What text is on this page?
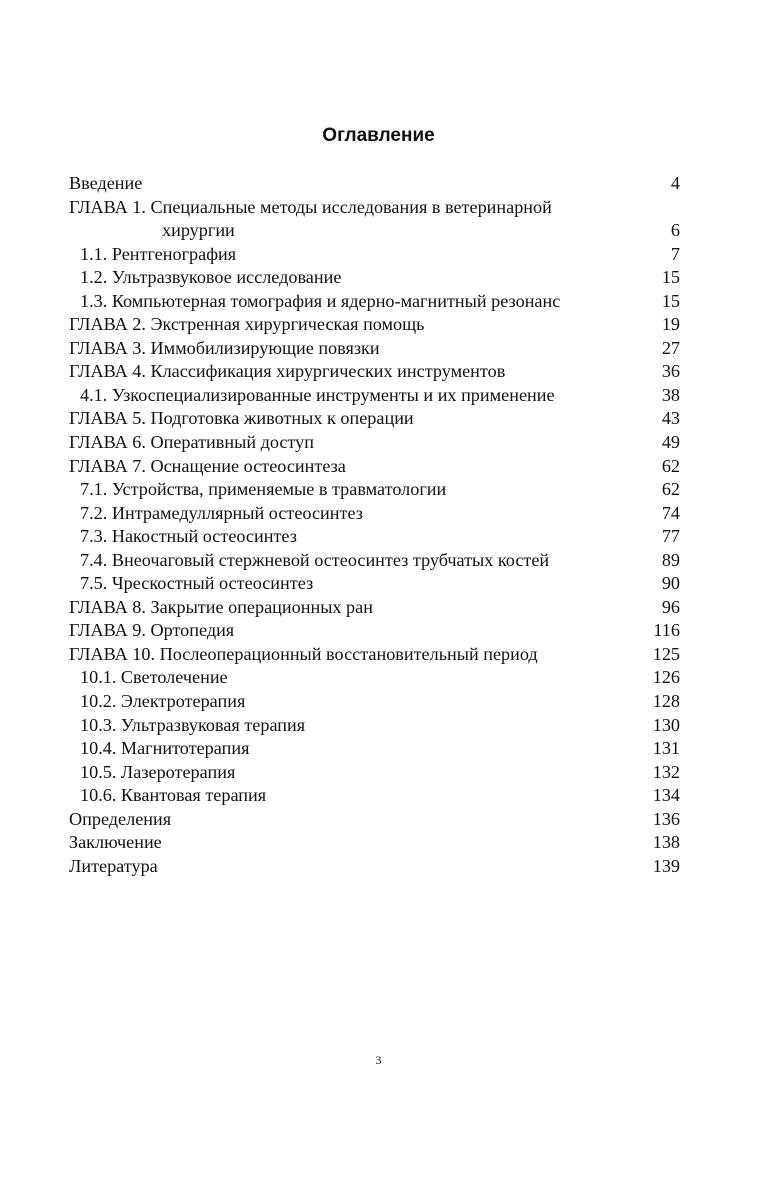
Оглавление
Введение	4
ГЛАВА 1. Специальные методы исследования в ветеринарной
хирургии	6
1.1. Рентгенография	7
1.2. Ультразвуковое исследование	15
1.3. Компьютерная томография и ядерно-магнитный резонанс	15
ГЛАВА 2. Экстренная хирургическая помощь	19
ГЛАВА 3. Иммобилизирующие повязки	27
ГЛАВА 4. Классификация хирургических инструментов	36
4.1. Узкоспециализированные инструменты и их применение	38
ГЛАВА 5. Подготовка животных к операции	43
ГЛАВА 6. Оперативный доступ	49
ГЛАВА 7. Оснащение остеосинтеза	62
7.1. Устройства, применяемые в травматологии	62
7.2. Интрамедуллярный остеосинтез	74
7.3. Накостный остеосинтез	77
7.4. Внеочаговый стержневой остеосинтез трубчатых костей	89
7.5. Чрескостный остеосинтез	90
ГЛАВА 8. Закрытие операционных ран	96
ГЛАВА 9. Ортопедия	116
ГЛАВА 10. Послеоперационный восстановительный период	125
10.1. Светолечение	126
10.2. Электротерапия	128
10.3. Ультразвуковая терапия	130
10.4. Магнитотерапия	131
10.5. Лазеротерапия	132
10.6. Квантовая терапия	134
Определения	136
Заключение	138
Литература	139
3
